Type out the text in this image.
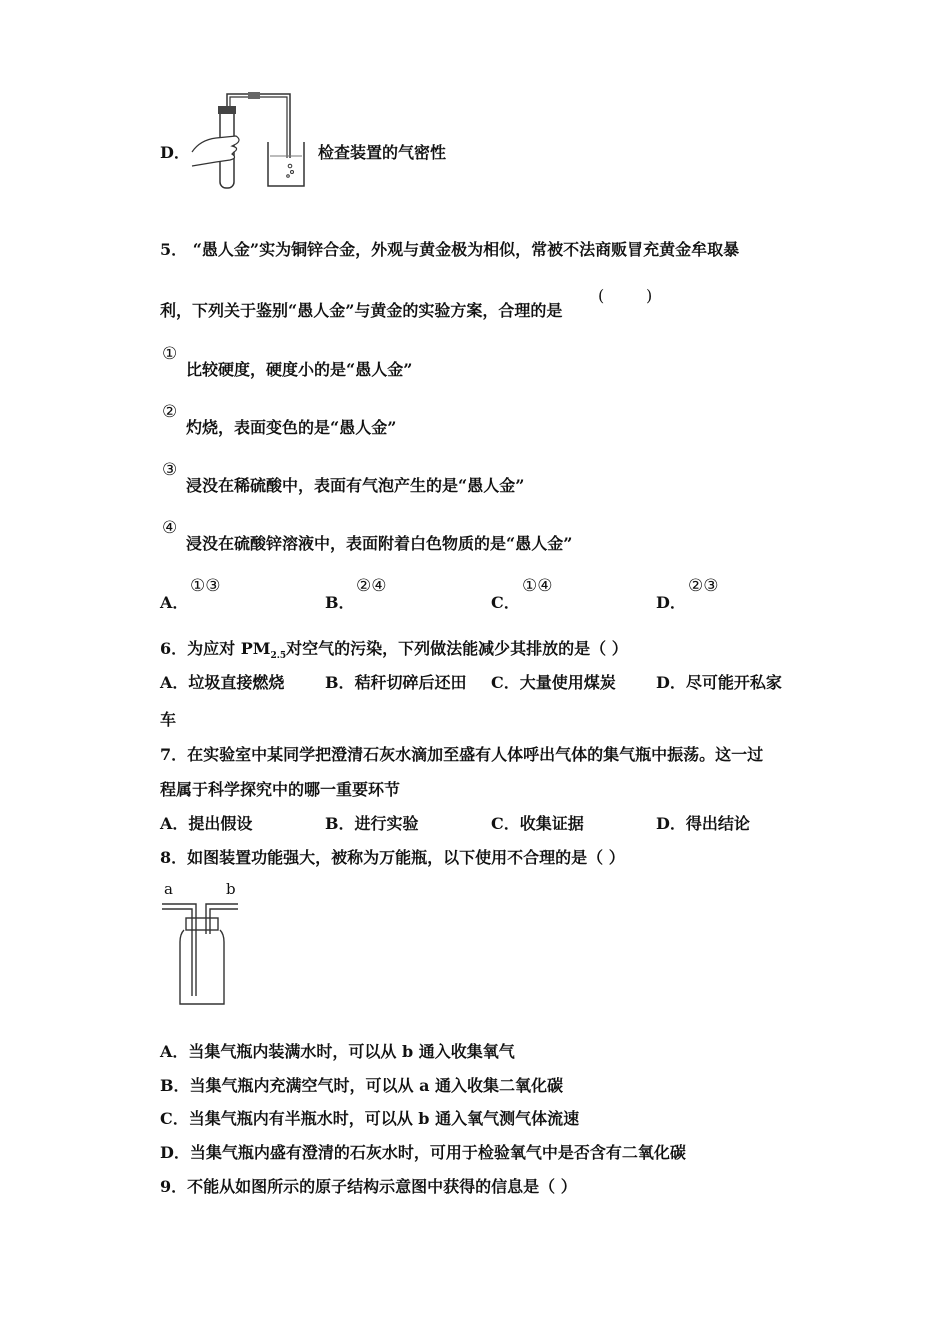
D．	检查装置的气密性
5． “愚人金”实为铜锌合金，外观与黄金极为相似，常被不法商贩冒充黄金牟取暴
利，下列关于鉴别“愚人金”与黄金的实验方案，合理的是
(	)
①
比较硬度，硬度小的是“愚人金”
②
灼烧，表面变色的是“愚人金”
③
浸没在稀硫酸中，表面有气泡产生的是“愚人金”
④
浸没在硫酸锌溶液中，表面附着白色物质的是“愚人金”
A．
①③
B．
②④
C．
①④
D．
②③
6．为应对 $PM_{2.5}$对空气的污染，下列做法能减少其排放的是（ ）
A．垃圾直接燃烧	B．秸秆切碎后还田 C．大量使用煤炭	D．尽可能开私家
车
7．在实验室中某同学把澄清石灰水滴加至盛有人体呼出气体的集气瓶中振荡。这一过
程属于科学探究中的哪一重要环节
A．提出假设	B．进行实验	C．收集证据	D．得出结论
8．如图装置功能强大，被称为万能瓶，以下使用不合理的是（ ）
a	b
A．当集气瓶内装满水时，可以从 b 通入收集氧气
B．当集气瓶内充满空气时，可以从 a 通入收集二氧化碳
C．当集气瓶内有半瓶水时，可以从 b 通入氧气测气体流速
D．当集气瓶内盛有澄清的石灰水时，可用于检验氧气中是否含有二氧化碳
9．不能从如图所示的原子结构示意图中获得的信息是（ ）
